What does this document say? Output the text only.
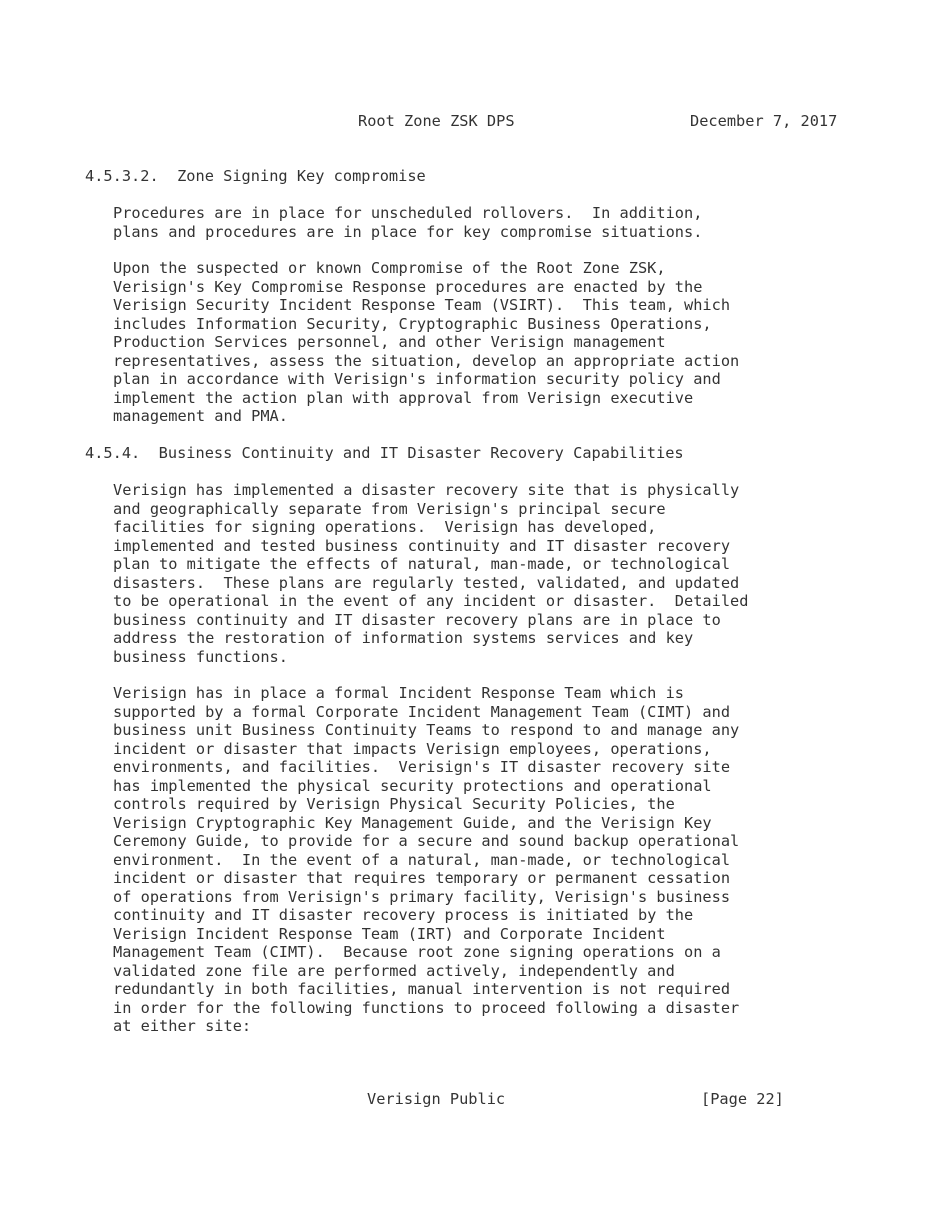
Root Zone ZSK DPS	December 7, 2017
4.5.3.2.  Zone Signing Key compromise

Procedures are in place for unscheduled rollovers.  In addition,
plans and procedures are in place for key compromise situations.

Upon the suspected or known Compromise of the Root Zone ZSK,
Verisign's Key Compromise Response procedures are enacted by the
Verisign Security Incident Response Team (VSIRT).  This team, which
includes Information Security, Cryptographic Business Operations,
Production Services personnel, and other Verisign management
representatives, assess the situation, develop an appropriate action
plan in accordance with Verisign's information security policy and
implement the action plan with approval from Verisign executive
management and PMA.

4.5.4.  Business Continuity and IT Disaster Recovery Capabilities

Verisign has implemented a disaster recovery site that is physically
and geographically separate from Verisign's principal secure
facilities for signing operations.  Verisign has developed,
implemented and tested business continuity and IT disaster recovery
plan to mitigate the effects of natural, man-made, or technological
disasters.  These plans are regularly tested, validated, and updated
to be operational in the event of any incident or disaster.  Detailed
business continuity and IT disaster recovery plans are in place to
address the restoration of information systems services and key
business functions.

Verisign has in place a formal Incident Response Team which is
supported by a formal Corporate Incident Management Team (CIMT) and
business unit Business Continuity Teams to respond to and manage any
incident or disaster that impacts Verisign employees, operations,
environments, and facilities.  Verisign's IT disaster recovery site
has implemented the physical security protections and operational
controls required by Verisign Physical Security Policies, the
Verisign Cryptographic Key Management Guide, and the Verisign Key
Ceremony Guide, to provide for a secure and sound backup operational
environment.  In the event of a natural, man-made, or technological
incident or disaster that requires temporary or permanent cessation
of operations from Verisign's primary facility, Verisign's business
continuity and IT disaster recovery process is initiated by the
Verisign Incident Response Team (IRT) and Corporate Incident
Management Team (CIMT).  Because root zone signing operations on a
validated zone file are performed actively, independently and
redundantly in both facilities, manual intervention is not required
in order for the following functions to proceed following a disaster
at either site:

Verisign Public	[Page 22]
